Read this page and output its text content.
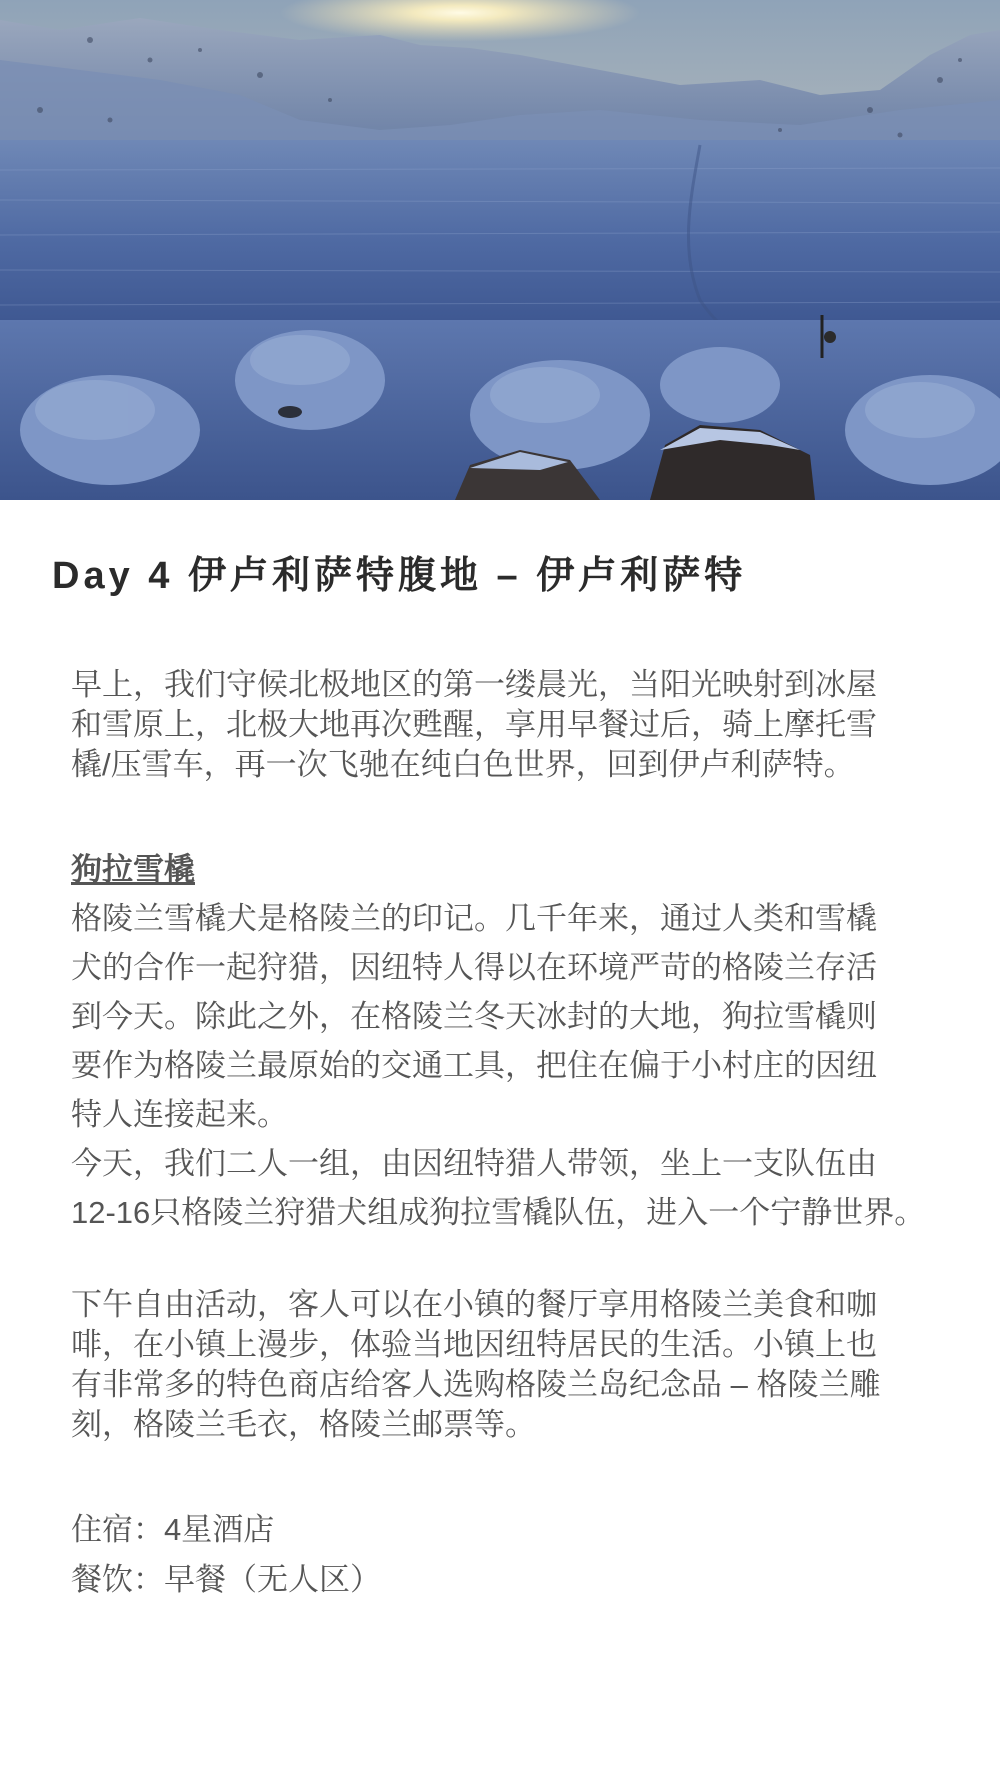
Day 4 伊卢利萨特腹地 – 伊卢利萨特
早上，我们守候北极地区的第一缕晨光，当阳光映射到冰屋
和雪原上，北极大地再次甦醒，享用早餐过后，骑上摩托雪
橇/压雪车，再一次飞驰在纯白色世界，回到伊卢利萨特。
狗拉雪橇
格陵兰雪橇犬是格陵兰的印记。几千年来，通过人类和雪橇
犬的合作一起狩猎，因纽特人得以在环境严苛的格陵兰存活
到今天。除此之外，在格陵兰冬天冰封的大地，狗拉雪橇则
要作为格陵兰最原始的交通工具，把住在偏于小村庄的因纽
特人连接起来。
今天，我们二人一组，由因纽特猎人带领，坐上一支队伍由
12-16只格陵兰狩猎犬组成狗拉雪橇队伍，进入一个宁静世界。
下午自由活动，客人可以在小镇的餐厅享用格陵兰美食和咖
啡，在小镇上漫步，体验当地因纽特居民的生活。小镇上也
有非常多的特色商店给客人选购格陵兰岛纪念品 – 格陵兰雕
刻，格陵兰毛衣，格陵兰邮票等。
住宿：4星酒店
餐饮：早餐（无人区）
